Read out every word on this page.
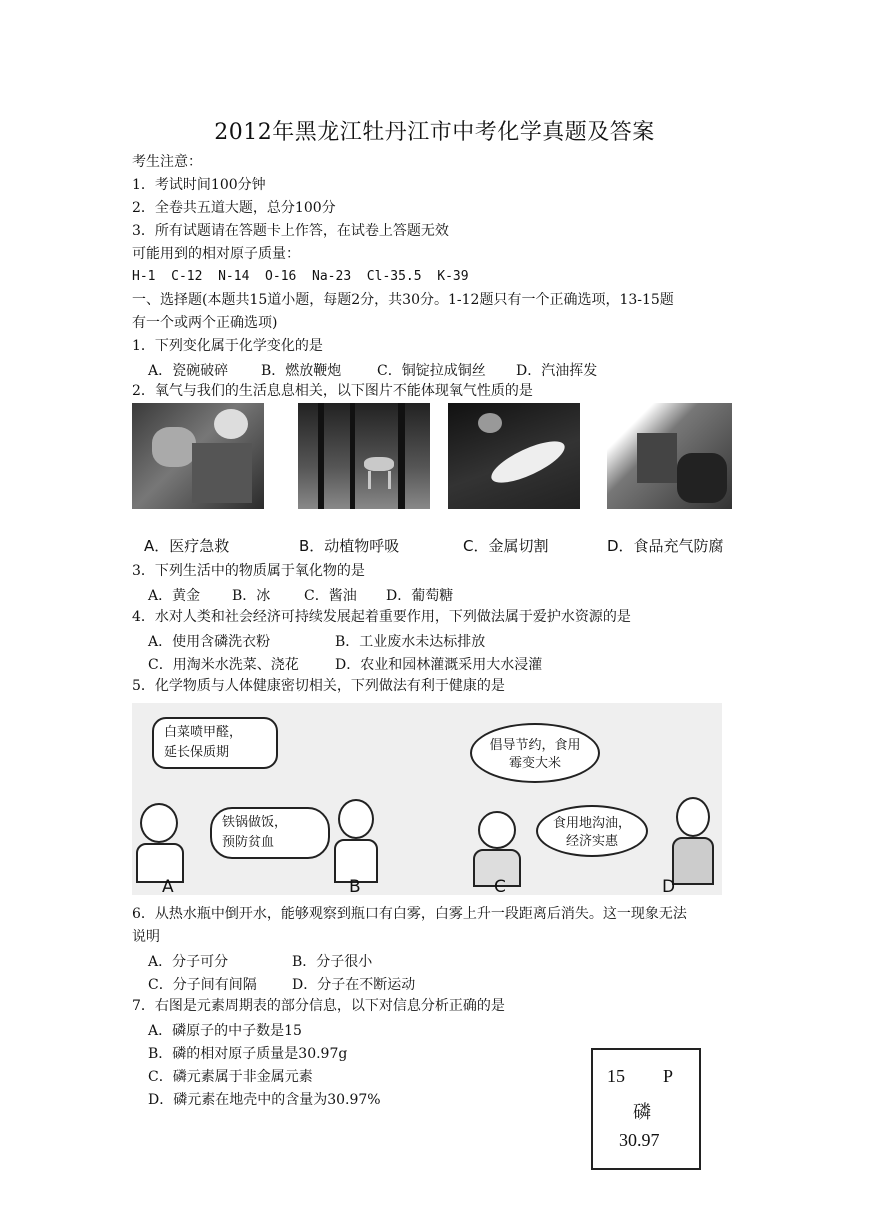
2012年黑龙江牡丹江市中考化学真题及答案
考生注意：
1．考试时间100分钟
2．全卷共五道大题，总分100分
3．所有试题请在答题卡上作答，在试卷上答题无效
可能用到的相对原子质量：
H-1  C-12  N-14  O-16  Na-23  Cl-35.5  K-39
一、选择题(本题共15道小题，每题2分，共30分。1-12题只有一个正确选项，13-15题
有一个或两个正确选项)
1．下列变化属于化学变化的是
A．瓷碗破碎 B．燃放鞭炮	C．铜锭拉成铜丝 D．汽油挥发
2．氧气与我们的生活息息相关，以下图片不能体现氧气性质的是
A．医疗急救	B．动植物呼吸	C．金属切割	D．食品充气防腐
3．下列生活中的物质属于氧化物的是
A．黄金 B．冰 C．酱油 D．葡萄糖
4．水对人类和社会经济可持续发展起着重要作用，下列做法属于爱护水资源的是
A．使用含磷洗衣粉	B．工业废水未达标排放
C．用淘米水洗菜、浇花	D．农业和园林灌溉采用大水浸灌
5．化学物质与人体健康密切相关，下列做法有利于健康的是
白菜喷甲醛，
延长保质期
铁锅做饭，
预防贫血
倡导节约，食用
霉变大米
食用地沟油，
经济实惠
A	B	C	D
6．从热水瓶中倒开水，能够观察到瓶口有白雾，白雾上升一段距离后消失。这一现象无法
说明
A．分子可分	B．分子很小
C．分子间有间隔	D．分子在不断运动
7．右图是元素周期表的部分信息，以下对信息分析正确的是
A．磷原子的中子数是15
B．磷的相对原子质量是30.97g
C．磷元素属于非金属元素
D．磷元素在地壳中的含量为30.97%
15 P
磷
30.97
